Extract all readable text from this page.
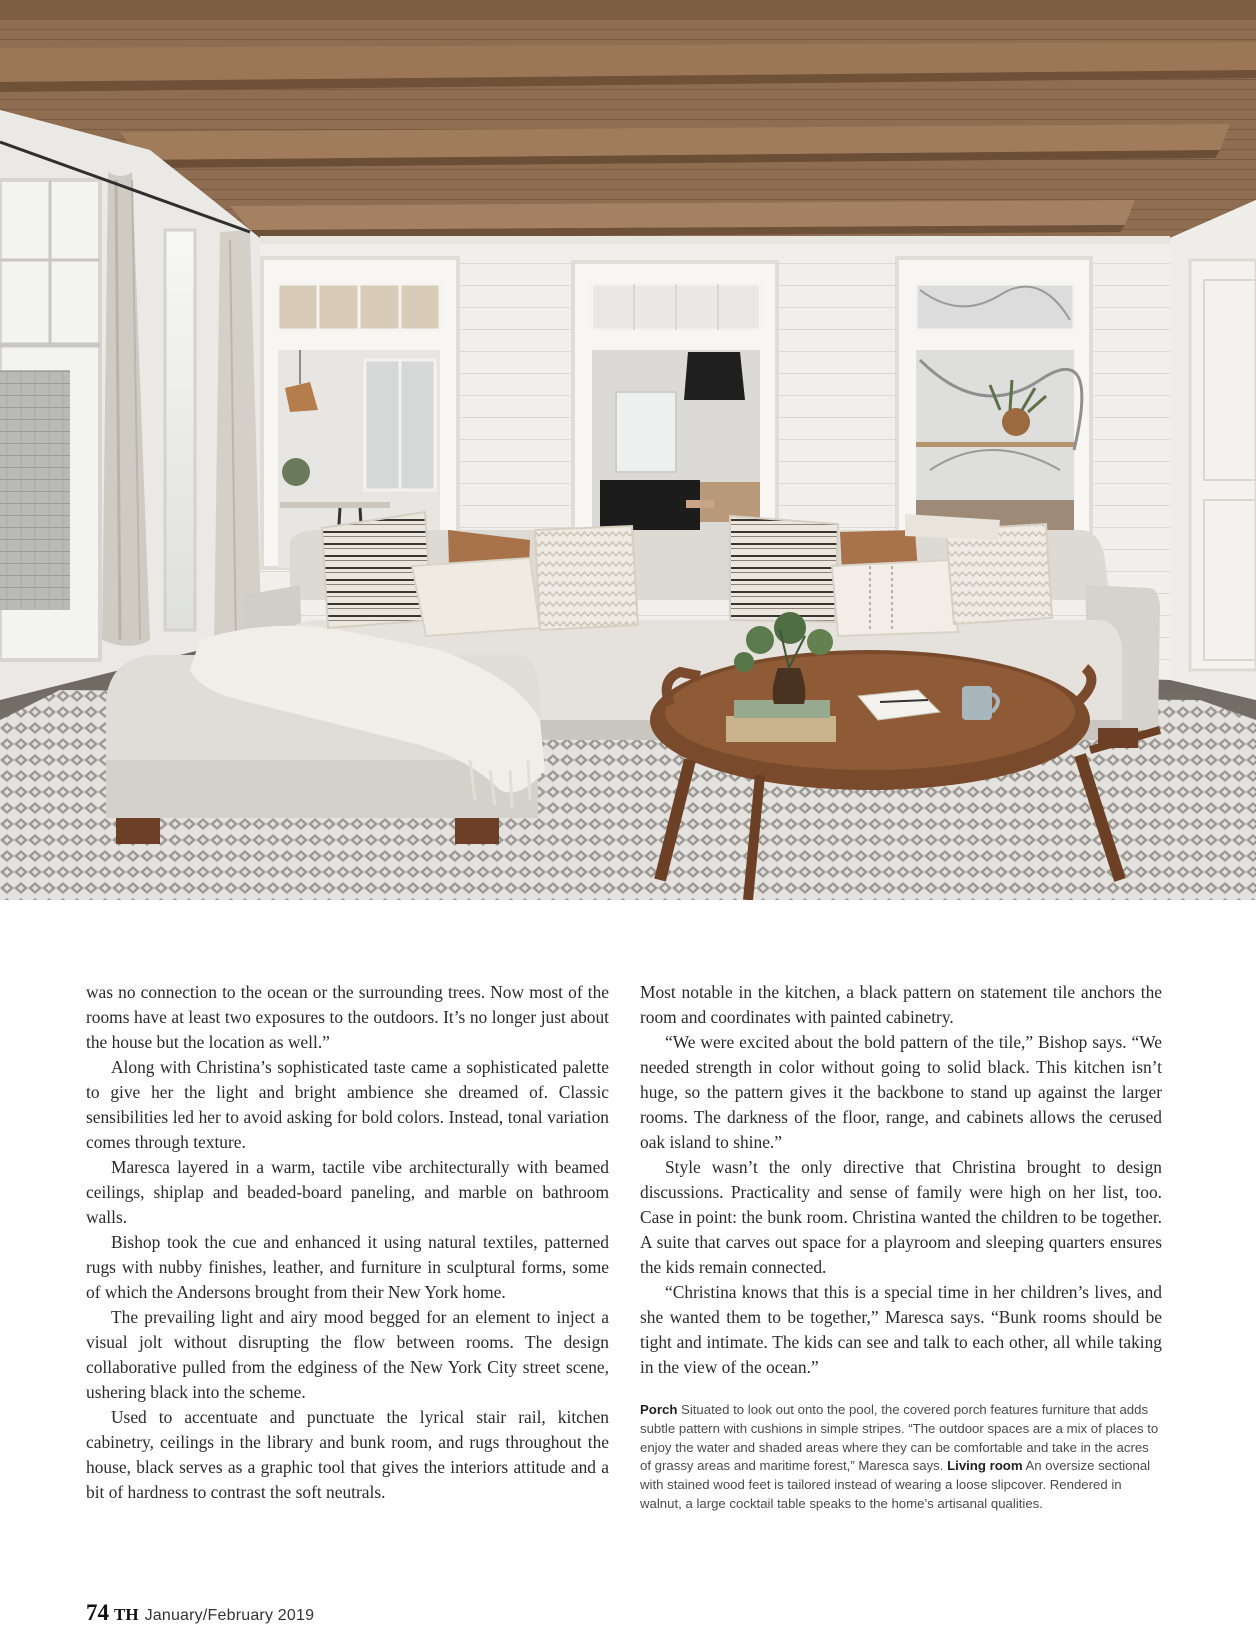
was no connection to the ocean or the surrounding trees. Now most of the rooms have at least two exposures to the outdoors. It’s no longer just about the house but the location as well.”

Along with Christina’s sophisticated taste came a sophisticated palette to give her the light and bright ambience she dreamed of. Classic sensibilities led her to avoid asking for bold colors. Instead, tonal variation comes through texture.

Maresca layered in a warm, tactile vibe architecturally with beamed ceilings, shiplap and beaded-board paneling, and marble on bathroom walls.

Bishop took the cue and enhanced it using natural textiles, patterned rugs with nubby finishes, leather, and furniture in sculptural forms, some of which the Andersons brought from their New York home.

The prevailing light and airy mood begged for an element to inject a visual jolt without disrupting the flow between rooms. The design collaborative pulled from the edginess of the New York City street scene, ushering black into the scheme.

Used to accentuate and punctuate the lyrical stair rail, kitchen cabinetry, ceilings in the library and bunk room, and rugs throughout the house, black serves as a graphic tool that gives the interiors attitude and a bit of hardness to contrast the soft neutrals.

Most notable in the kitchen, a black pattern on statement tile anchors the room and coordinates with painted cabinetry.

“We were excited about the bold pattern of the tile,” Bishop says. “We needed strength in color without going to solid black. This kitchen isn’t huge, so the pattern gives it the backbone to stand up against the larger rooms. The darkness of the floor, range, and cabinets allows the cerused oak island to shine.”

Style wasn’t the only directive that Christina brought to design discussions. Practicality and sense of family were high on her list, too. Case in point: the bunk room. Christina wanted the children to be together. A suite that carves out space for a playroom and sleeping quarters ensures the kids remain connected.

“Christina knows that this is a special time in her children’s lives, and she wanted them to be together,” Maresca says. “Bunk rooms should be tight and intimate. The kids can see and talk to each other, all while taking in the view of the ocean.”

Porch Situated to look out onto the pool, the covered porch features furniture that adds subtle pattern with cushions in simple stripes. “The outdoor spaces are a mix of places to enjoy the water and shaded areas where they can be comfortable and take in the acres of grassy areas and maritime forest,” Maresca says. Living room An oversize sectional with stained wood feet is tailored instead of wearing a loose slipcover. Rendered in walnut, a large cocktail table speaks to the home’s artisanal qualities.
74 TH January/February 2019
